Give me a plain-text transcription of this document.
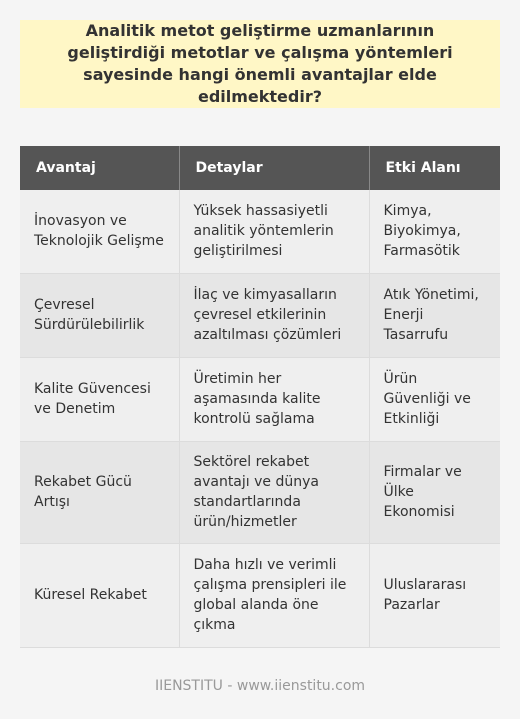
Analitik metot geliştirme uzmanlarının geliştirdiği metotlar ve çalışma yöntemleri sayesinde hangi önemli avantajlar elde edilmektedir?
Avantaj	Detaylar	Etki Alanı
İnovasyon ve Teknolojik Gelişme	Yüksek hassasiyetli analitik yöntemlerin geliştirilmesi	Kimya, Biyokimya, Farmasötik
Çevresel Sürdürülebilirlik	İlaç ve kimyasalların çevresel etkilerinin azaltılması çözümleri	Atık Yönetimi, Enerji Tasarrufu
Kalite Güvencesi ve Denetim	Üretimin her aşamasında kalite kontrolü sağlama	Ürün Güvenliği ve Etkinliği
Rekabet Gücü Artışı	Sektörel rekabet avantajı ve dünya standartlarında ürün/hizmetler	Firmalar ve Ülke Ekonomisi
Küresel Rekabet	Daha hızlı ve verimli çalışma prensipleri ile global alanda öne çıkma	Uluslararası Pazarlar
IIENSTITU - www.iienstitu.com
